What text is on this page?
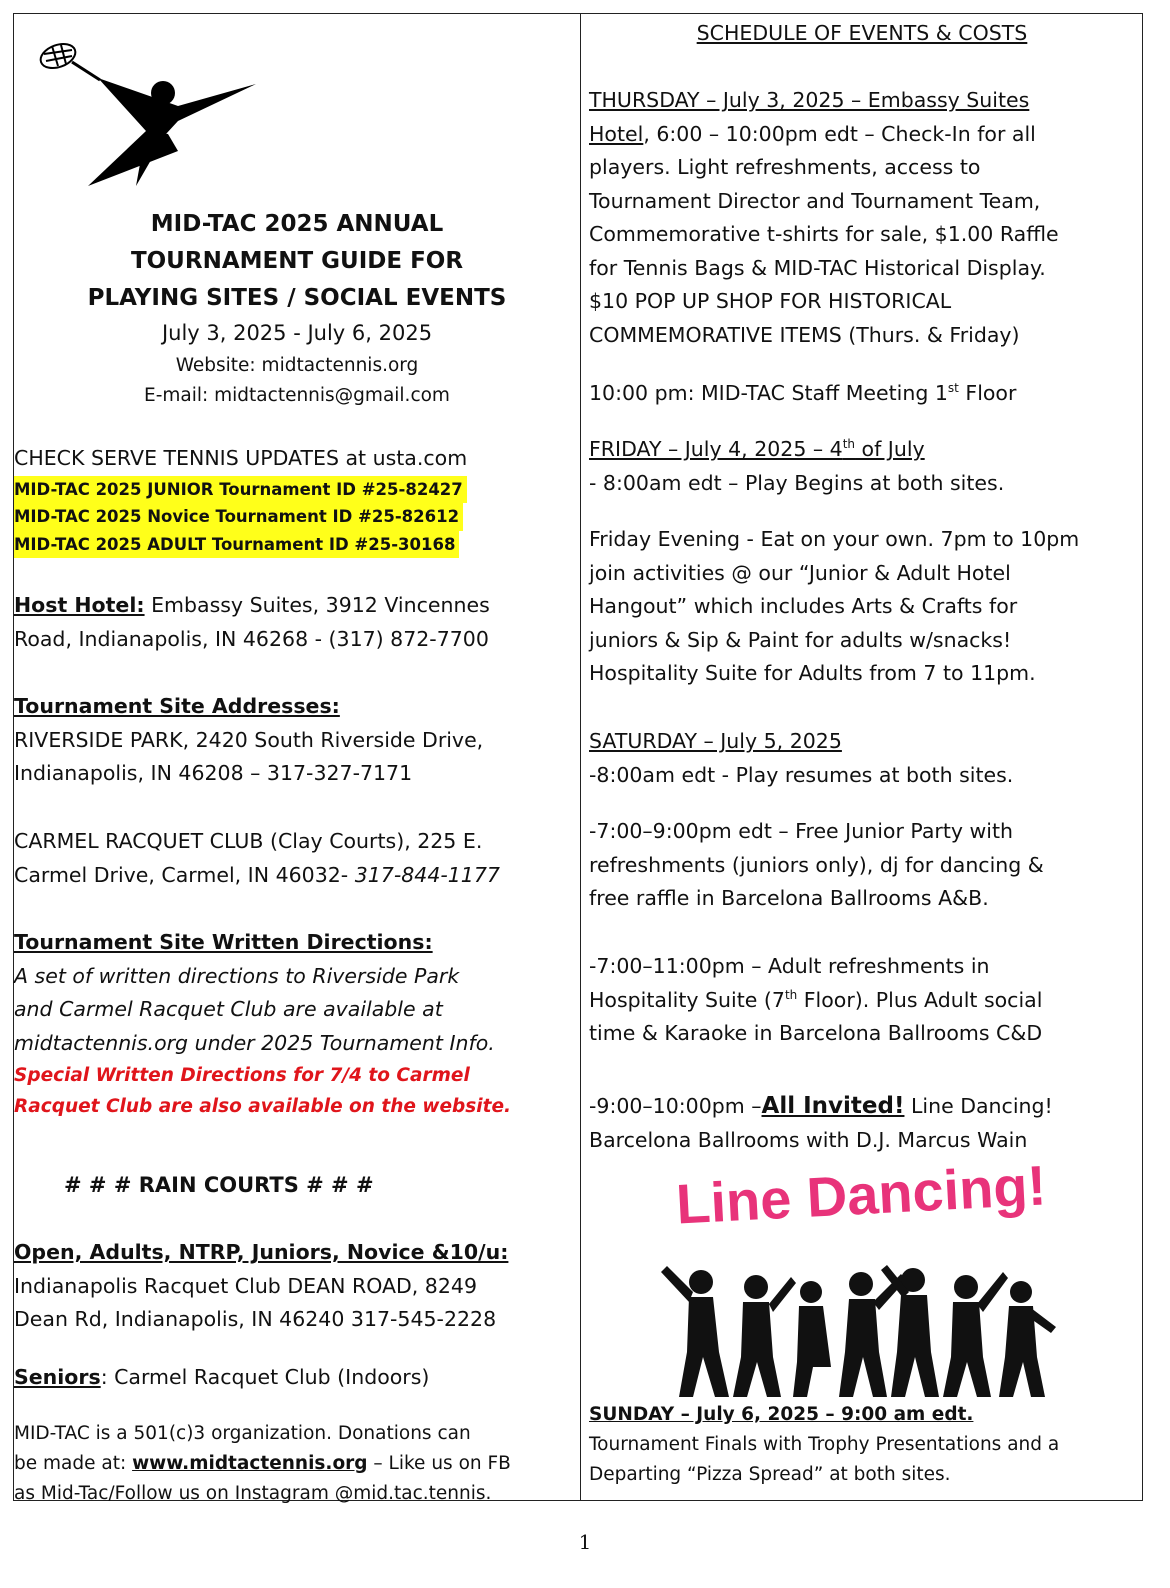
MID-TAC 2025 ANNUAL
TOURNAMENT GUIDE FOR
PLAYING SITES / SOCIAL EVENTS
July 3, 2025 - July 6, 2025
Website: midtactennis.org
E-mail: midtactennis@gmail.com
CHECK SERVE TENNIS UPDATES at usta.com
MID-TAC 2025 JUNIOR Tournament ID #25-82427
MID-TAC 2025 Novice Tournament ID #25-82612
MID-TAC 2025 ADULT Tournament ID #25-30168
Host Hotel: Embassy Suites, 3912 Vincennes
Road, Indianapolis, IN 46268 - (317) 872-7700
Tournament Site Addresses:
RIVERSIDE PARK, 2420 South Riverside Drive,
Indianapolis, IN 46208 – 317-327-7171
CARMEL RACQUET CLUB (Clay Courts), 225 E.
Carmel Drive, Carmel, IN 46032- 317-844-1177
Tournament Site Written Directions:
A set of written directions to Riverside Park
and Carmel Racquet Club are available at
midtactennis.org under 2025 Tournament Info.
Special Written Directions for 7/4 to Carmel
Racquet Club are also available on the website.
# # # RAIN COURTS # # #
Open, Adults, NTRP, Juniors, Novice &10/u:
Indianapolis Racquet Club DEAN ROAD, 8249
Dean Rd, Indianapolis, IN 46240 317-545-2228
Seniors: Carmel Racquet Club (Indoors)
MID-TAC is a 501(c)3 organization. Donations can
be made at: www.midtactennis.org – Like us on FB
as Mid-Tac/Follow us on Instagram @mid.tac.tennis.
SCHEDULE OF EVENTS & COSTS
THURSDAY – July 3, 2025 – Embassy Suites
Hotel, 6:00 – 10:00pm edt – Check-In for all
players. Light refreshments, access to
Tournament Director and Tournament Team,
Commemorative t-shirts for sale, $1.00 Raffle
for Tennis Bags & MID-TAC Historical Display.
$10 POP UP SHOP FOR HISTORICAL
COMMEMORATIVE ITEMS (Thurs. & Friday)
10:00 pm: MID-TAC Staff Meeting 1st Floor
FRIDAY – July 4, 2025 – 4th of July
- 8:00am edt – Play Begins at both sites.
Friday Evening - Eat on your own. 7pm to 10pm
join activities @ our “Junior & Adult Hotel
Hangout” which includes Arts & Crafts for
juniors & Sip & Paint for adults w/snacks!
Hospitality Suite for Adults from 7 to 11pm.
SATURDAY – July 5, 2025
-8:00am edt - Play resumes at both sites.
-7:00–9:00pm edt – Free Junior Party with
refreshments (juniors only), dj for dancing &
free raffle in Barcelona Ballrooms A&B.
-7:00–11:00pm – Adult refreshments in
Hospitality Suite (7th Floor). Plus Adult social
time & Karaoke in Barcelona Ballrooms C&D
-9:00–10:00pm –All Invited! Line Dancing!
Barcelona Ballrooms with D.J. Marcus Wain
Line Dancing!
SUNDAY – July 6, 2025 – 9:00 am edt.
Tournament Finals with Trophy Presentations and a
Departing “Pizza Spread” at both sites.
1
